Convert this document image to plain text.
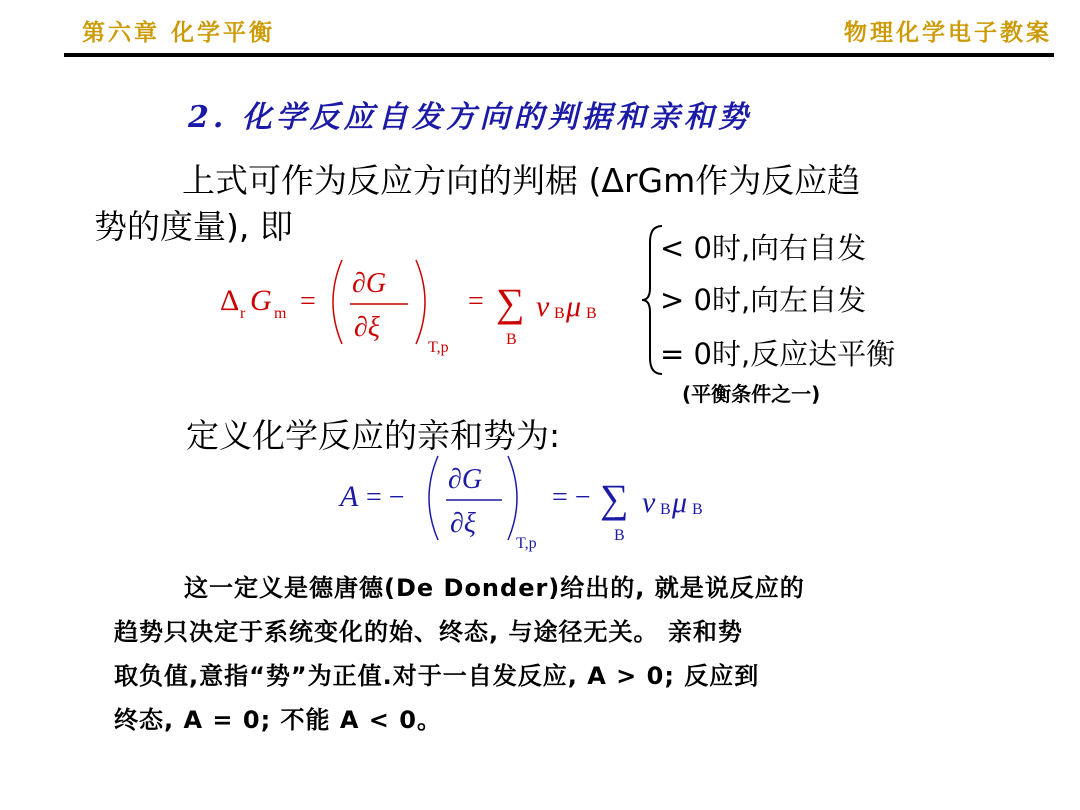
第六章 化学平衡	物理化学电子教案
2. 化学反应自发方向的判据和亲和势
上式可作为反应方向的判椐 (ΔrGm作为反应趋
势的度量), 即
Δ r G m =
∂G
∂ξ
T,p
= ∑
B
ν B μ B
< 0时,向右自发
> 0时,向左自发
= 0时,反应达平衡
(平衡条件之一)
定义化学反应的亲和势为:
A = −
∂G
∂ξ
T,p
= − ∑
B
ν B μ B
这一定义是德唐德(De Donder)给出的, 就是说反应的
趋势只决定于系统变化的始、终态, 与途径无关。 亲和势
取负值,意指“势”为正值.对于一自发反应, A > 0; 反应到
终态, A = 0; 不能 A < 0。
